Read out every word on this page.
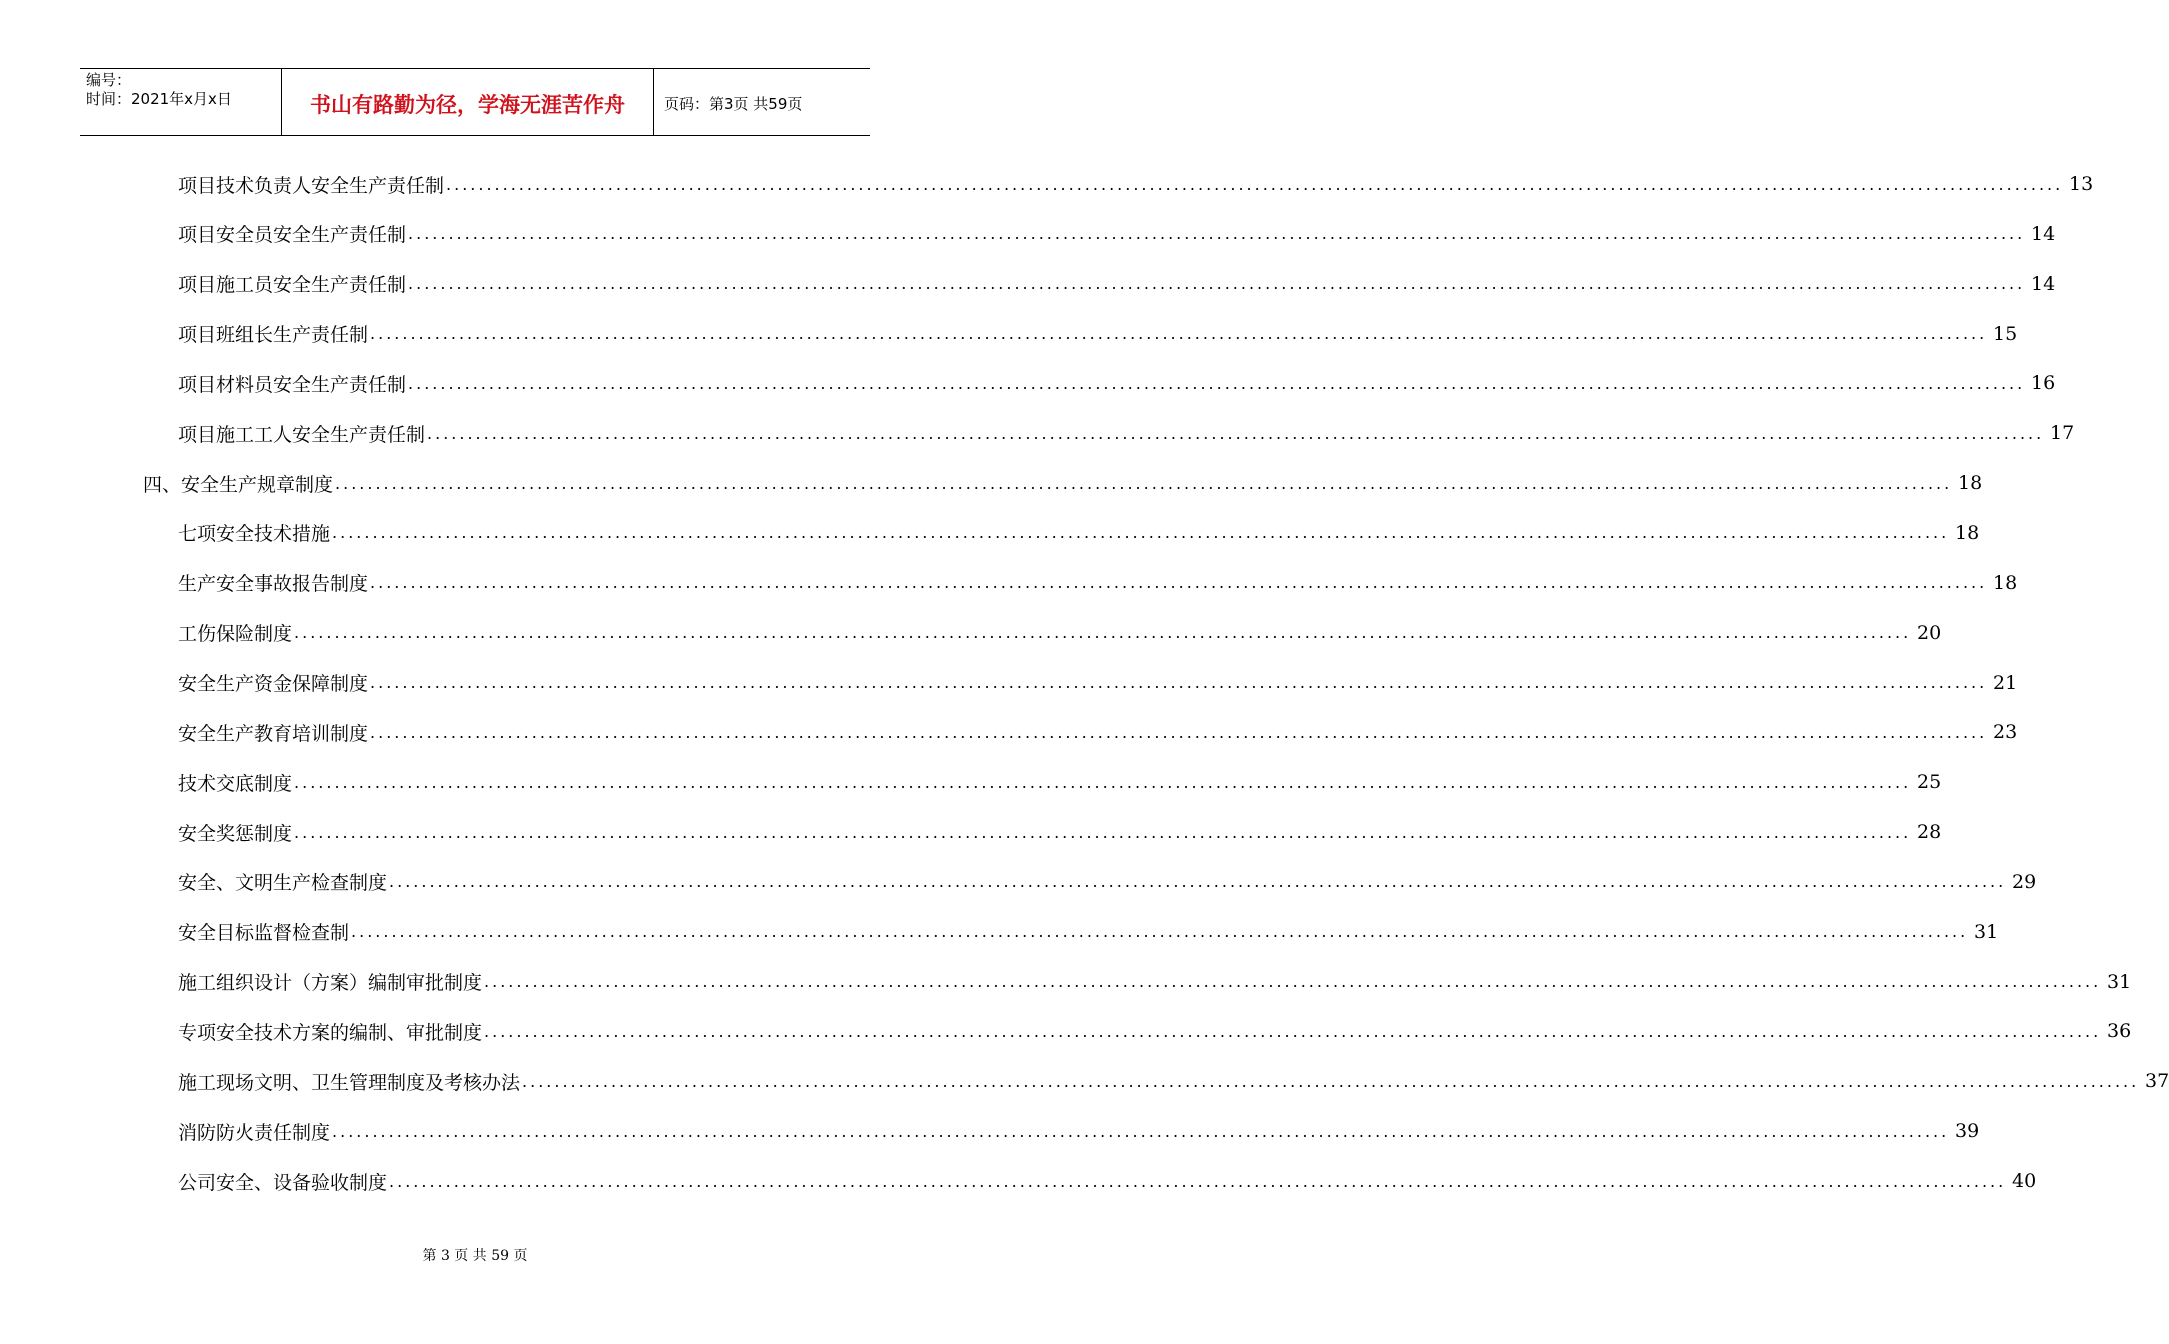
编号：
时间：2021年x月x日	书山有路勤为径，学海无涯苦作舟	页码：第3页 共59页
项目技术负责人安全生产责任制 ........................................................................................................................................................................................................ 13
项目安全员安全生产责任制 ........................................................................................................................................................................................................ 14
项目施工员安全生产责任制 ........................................................................................................................................................................................................ 14
项目班组长生产责任制 ........................................................................................................................................................................................................ 15
项目材料员安全生产责任制 ........................................................................................................................................................................................................ 16
项目施工工人安全生产责任制 ........................................................................................................................................................................................................ 17
四、安全生产规章制度 ........................................................................................................................................................................................................ 18
七项安全技术措施 ........................................................................................................................................................................................................ 18
生产安全事故报告制度 ........................................................................................................................................................................................................ 18
工伤保险制度 ........................................................................................................................................................................................................ 20
安全生产资金保障制度 ........................................................................................................................................................................................................ 21
安全生产教育培训制度 ........................................................................................................................................................................................................ 23
技术交底制度 ........................................................................................................................................................................................................ 25
安全奖惩制度 ........................................................................................................................................................................................................ 28
安全、文明生产检查制度 ........................................................................................................................................................................................................ 29
安全目标监督检查制 ........................................................................................................................................................................................................ 31
施工组织设计（方案）编制审批制度 ........................................................................................................................................................................................................ 31
专项安全技术方案的编制、审批制度 ........................................................................................................................................................................................................ 36
施工现场文明、卫生管理制度及考核办法 ........................................................................................................................................................................................................ 37
消防防火责任制度 ........................................................................................................................................................................................................ 39
公司安全、设备验收制度 ........................................................................................................................................................................................................ 40
第 3 页 共 59 页
